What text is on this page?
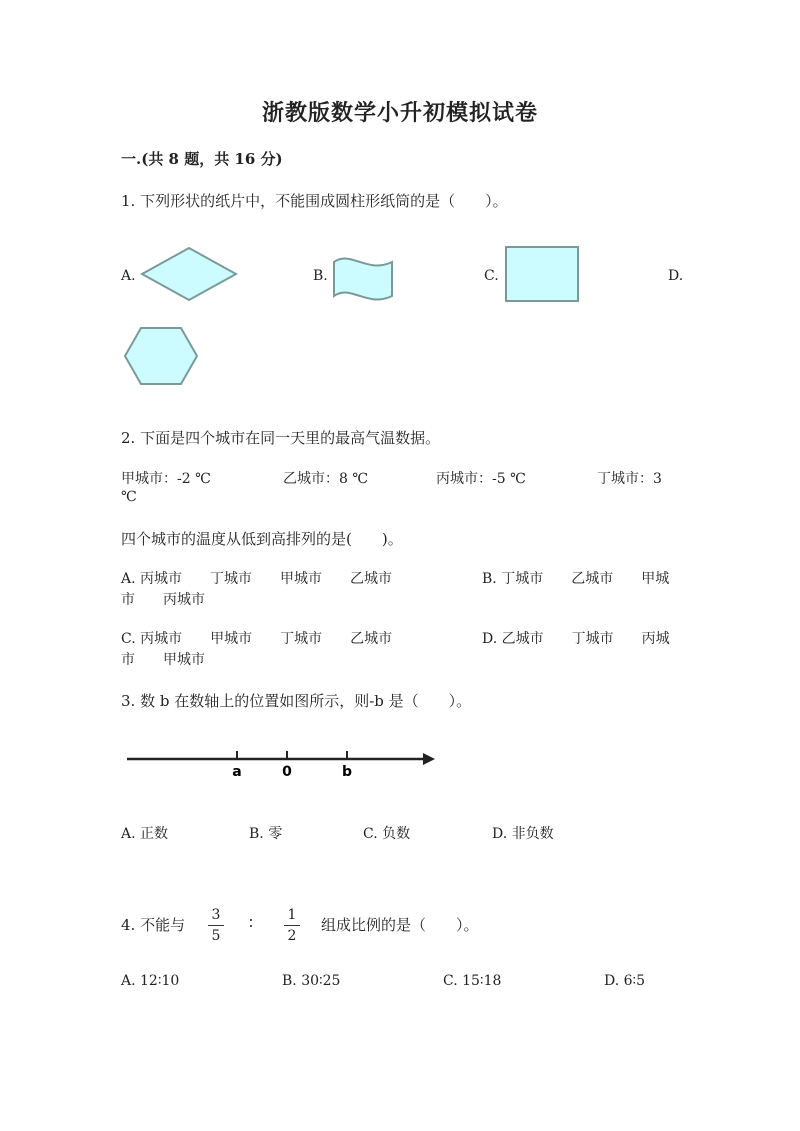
浙教版数学小升初模拟试卷
一.(共 8 题，共 16 分)
1. 下列形状的纸片中，不能围成圆柱形纸筒的是（　　）。
A.	B.	C.	D.
2. 下面是四个城市在同一天里的最高气温数据。
甲城市：-2 ℃	乙城市：8 ℃	丙城市：-5 ℃	丁城市：3
℃
四个城市的温度从低到高排列的是(　　)。
A. 丙城市　　丁城市　　甲城市　　乙城市	B. 丁城市　　乙城市　　甲城
市　　丙城市
C. 丙城市　　甲城市　　丁城市　　乙城市	D. 乙城市　　丁城市　　丙城
市　　甲城市
3. 数 b 在数轴上的位置如图所示，则-b 是（　　）。
a	0	b
A. 正数	B. 零	C. 负数	D. 非负数
4. 不能与
3
5
∶ 1
2
组成比例的是（　　）。
A. 12∶10	B. 30∶25	C. 15∶18	D. 6∶5
